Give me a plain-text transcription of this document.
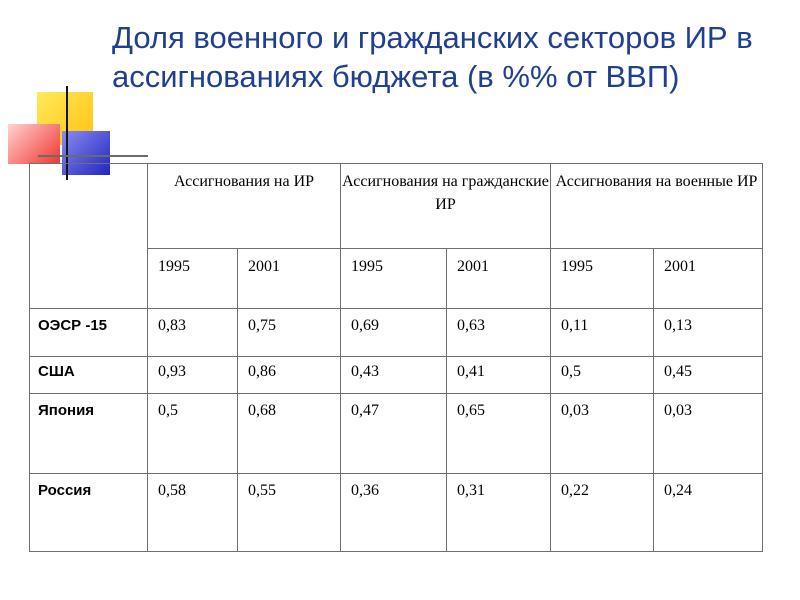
Доля военного и гражданских секторов ИР в ассигнованиях бюджета (в %% от ВВП)
	Ассигнования на ИР		Ассигнования на гражданские ИР		Ассигнования на военные ИР	
	1995	2001	1995	2001	1995	2001
ОЭСР -15	0,83	0,75	0,69	0,63	0,11	0,13
США	0,93	0,86	0,43	0,41	0,5	0,45
Япония	0,5	0,68	0,47	0,65	0,03	0,03
Россия	0,58	0,55	0,36	0,31	0,22	0,24
